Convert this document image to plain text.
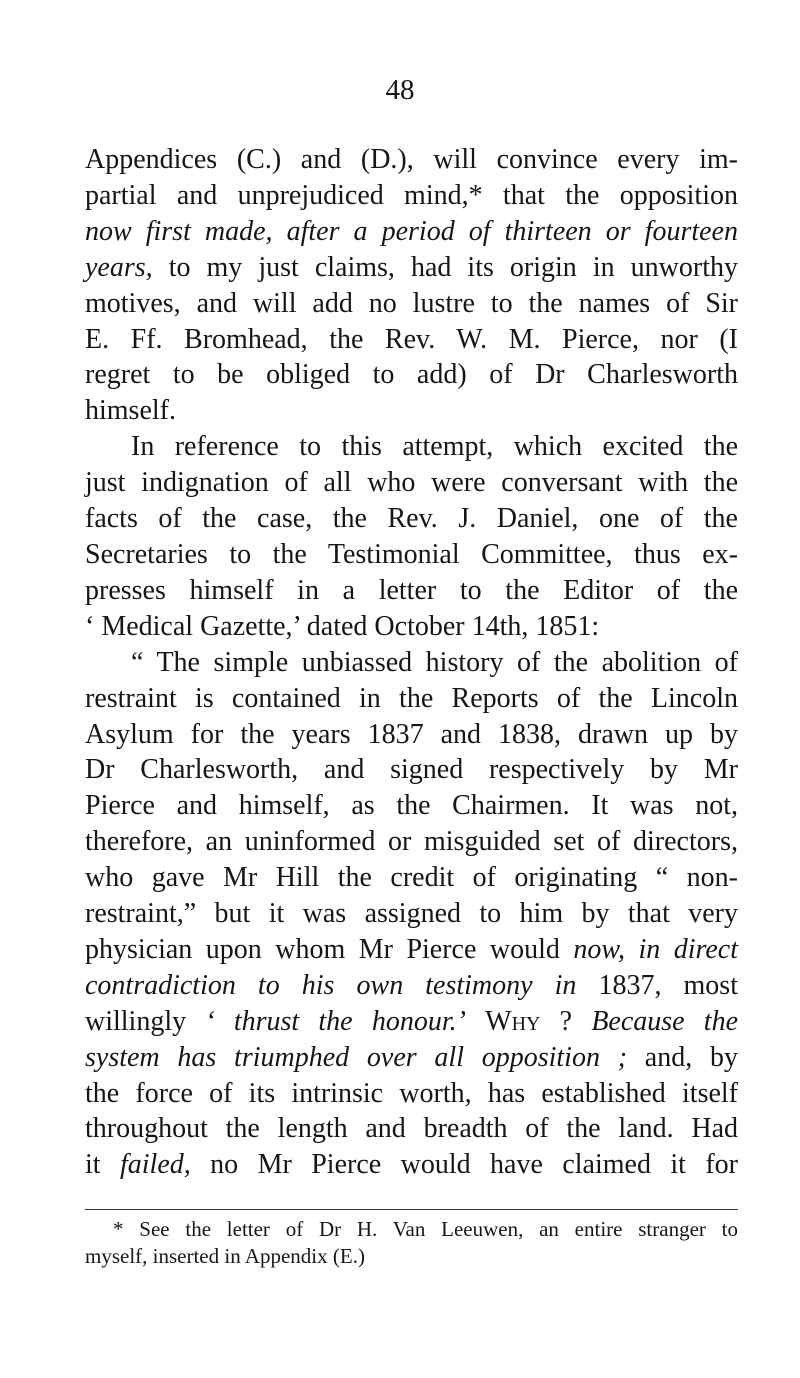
48
Appendices (C.) and (D.), will convince every im-
partial and unprejudiced mind,* that the opposition
now first made, after a period of thirteen or fourteen
years, to my just claims, had its origin in unworthy
motives, and will add no lustre to the names of Sir
E. Ff. Bromhead, the Rev. W. M. Pierce, nor (I
regret to be obliged to add) of Dr Charlesworth
himself.
In reference to this attempt, which excited the
just indignation of all who were conversant with the
facts of the case, the Rev. J. Daniel, one of the
Secretaries to the Testimonial Committee, thus ex-
presses himself in a letter to the Editor of the
‘ Medical Gazette,’ dated October 14th, 1851:
“ The simple unbiassed history of the abolition of
restraint is contained in the Reports of the Lincoln
Asylum for the years 1837 and 1838, drawn up by
Dr Charlesworth, and signed respectively by Mr
Pierce and himself, as the Chairmen. It was not,
therefore, an uninformed or misguided set of directors,
who gave Mr Hill the credit of originating “ non-
restraint,” but it was assigned to him by that very
physician upon whom Mr Pierce would now, in direct
contradiction to his own testimony in 1837, most
willingly ‘ thrust the honour.’ Why ? Because the
system has triumphed over all opposition ; and, by
the force of its intrinsic worth, has established itself
throughout the length and breadth of the land. Had
it failed, no Mr Pierce would have claimed it for
* See the letter of Dr H. Van Leeuwen, an entire stranger to
myself, inserted in Appendix (E.)
